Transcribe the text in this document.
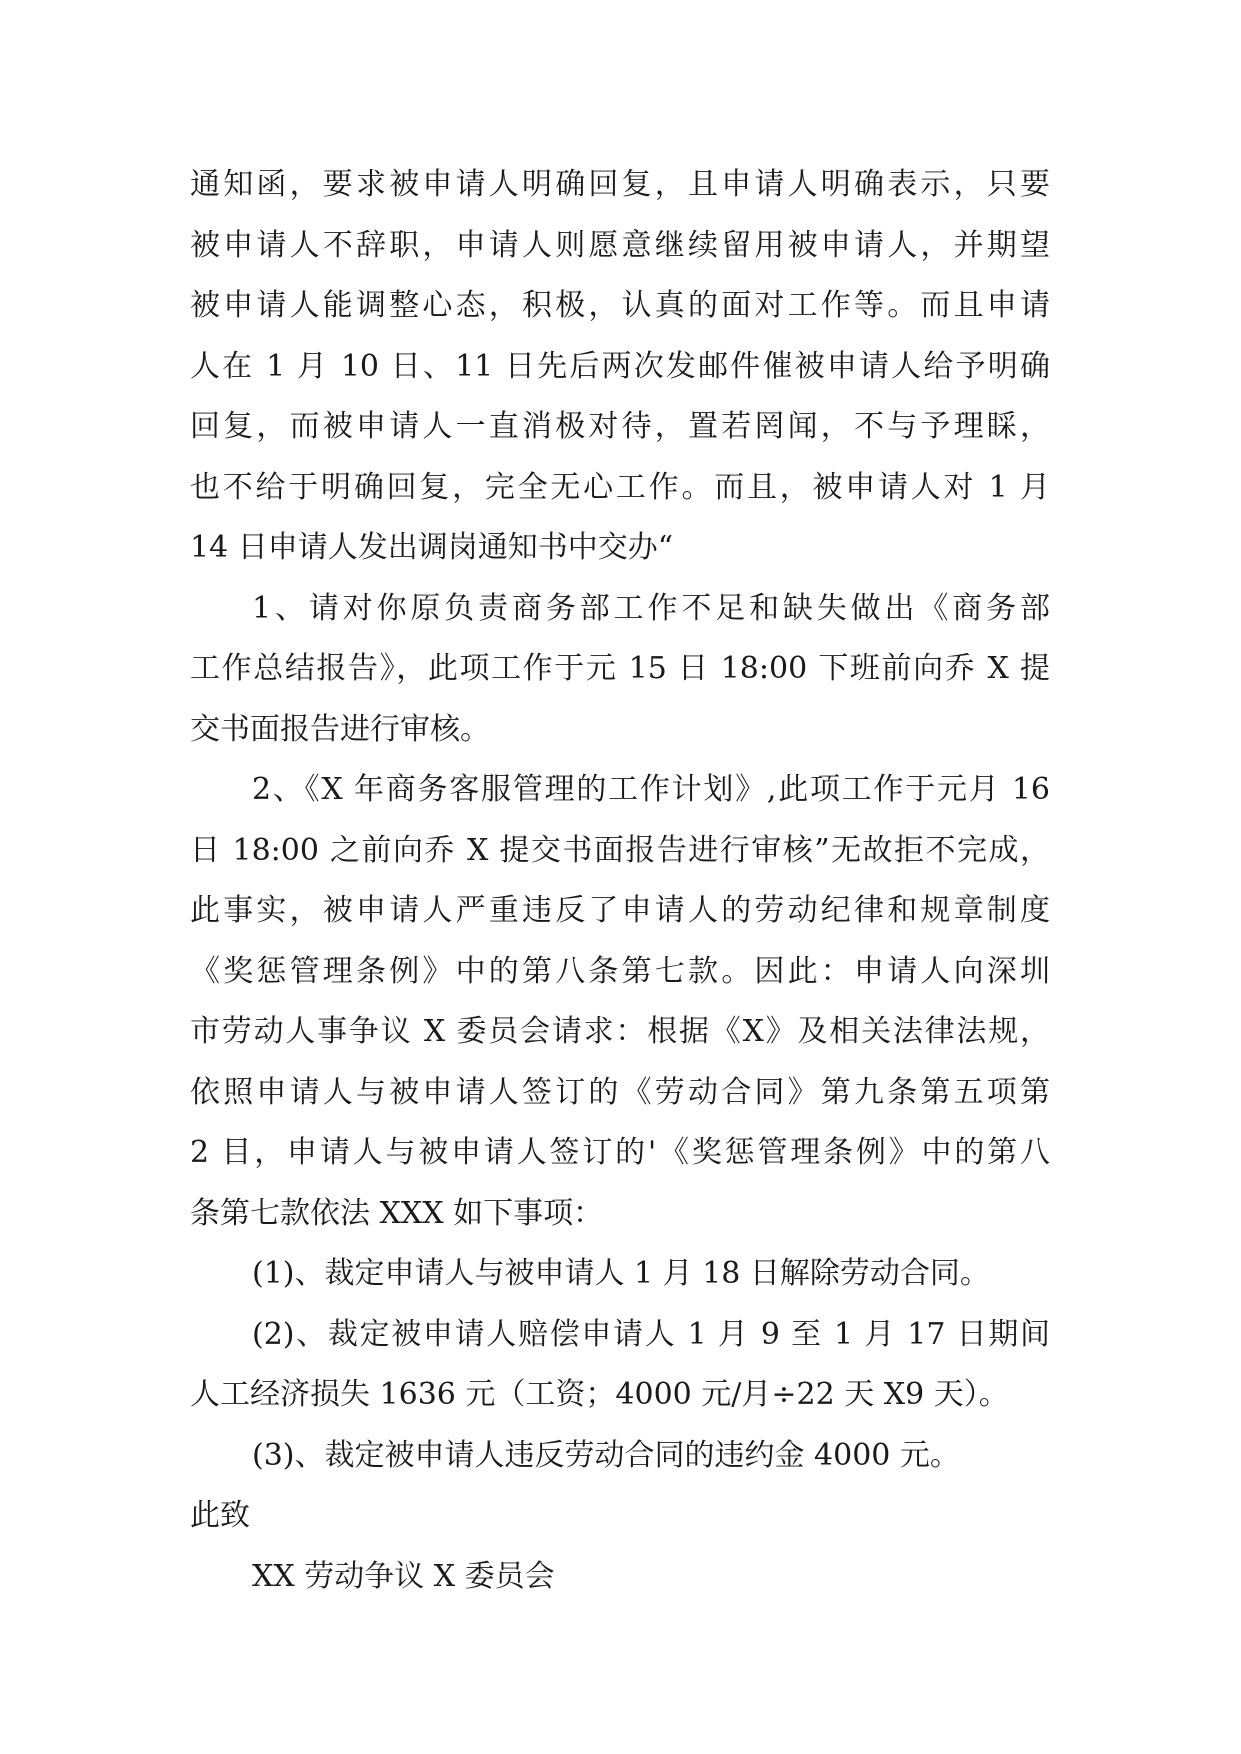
通知函，要求被申请人明确回复，且申请人明确表示，只要
被申请人不辞职，申请人则愿意继续留用被申请人，并期望
被申请人能调整心态，积极，认真的面对工作等。而且申请
人在 1 月 10 日、11 日先后两次发邮件催被申请人给予明确
回复，而被申请人一直消极对待，置若罔闻，不与予理睬，
也不给于明确回复，完全无心工作。而且，被申请人对 1 月
14 日申请人发出调岗通知书中交办“
1、请对你原负责商务部工作不足和缺失做出《商务部
工作总结报告》，此项工作于元 15 日 18:00 下班前向乔 X 提
交书面报告进行审核。
2、《X 年商务客服管理的工作计划》,此项工作于元月 16
日 18:00 之前向乔 X 提交书面报告进行审核”无故拒不完成，
此事实，被申请人严重违反了申请人的劳动纪律和规章制度
《奖惩管理条例》中的第八条第七款。因此：申请人向深圳
市劳动人事争议 X 委员会请求：根据《X》及相关法律法规，
依照申请人与被申请人签订的《劳动合同》第九条第五项第
2 目，申请人与被申请人签订的'《奖惩管理条例》中的第八
条第七款依法 XXX 如下事项：
(1)、裁定申请人与被申请人 1 月 18 日解除劳动合同。
(2)、裁定被申请人赔偿申请人 1 月 9 至 1 月 17 日期间
人工经济损失 1636 元（工资；4000 元/月÷22 天 X9 天）。
(3)、裁定被申请人违反劳动合同的违约金 4000 元。
此致
XX 劳动争议 X 委员会
